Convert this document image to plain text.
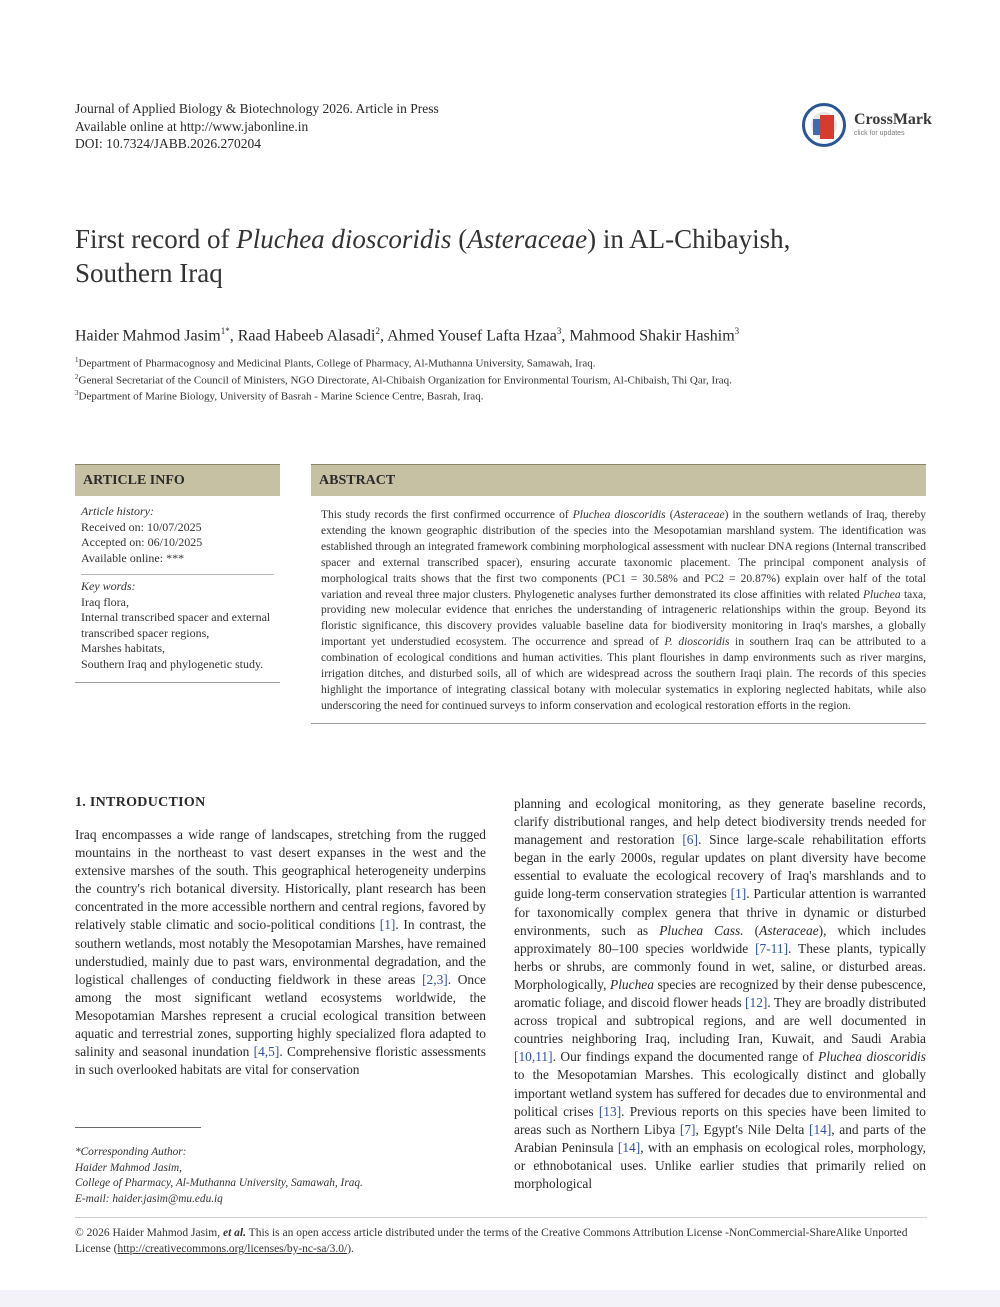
Journal of Applied Biology & Biotechnology 2026. Article in Press
Available online at http://www.jabonline.in
DOI: 10.7324/JABB.2026.270204
CrossMark
click for updates
First record of Pluchea dioscoridis (Asteraceae) in AL-Chibayish,
Southern Iraq
Haider Mahmod Jasim$^{1*}$, Raad Habeeb Alasadi$^2$, Ahmed Yousef Lafta Hzaa$^3$, Mahmood Shakir Hashim$^3$
$^1$Department of Pharmacognosy and Medicinal Plants, College of Pharmacy, Al-Muthanna University, Samawah, Iraq.
$^2$General Secretariat of the Council of Ministers, NGO Directorate, Al-Chibaish Organization for Environmental Tourism, Al-Chibaish, Thi Qar, Iraq.
$^3$Department of Marine Biology, University of Basrah - Marine Science Centre, Basrah, Iraq.
ARTICLE INFO
Article history:
Received on: 10/07/2025
Accepted on: 06/10/2025
Available online: ***
Key words:
Iraq flora,
Internal transcribed spacer and external transcribed spacer regions,
Marshes habitats,
Southern Iraq and phylogenetic study.
ABSTRACT
This study records the first confirmed occurrence of Pluchea dioscoridis (Asteraceae) in the southern wetlands of Iraq, thereby extending the known geographic distribution of the species into the Mesopotamian marshland system. The identification was established through an integrated framework combining morphological assessment with nuclear DNA regions (Internal transcribed spacer and external transcribed spacer), ensuring accurate taxonomic placement. The principal component analysis of morphological traits shows that the first two components (PC1 = 30.58% and PC2 = 20.87%) explain over half of the total variation and reveal three major clusters. Phylogenetic analyses further demonstrated its close affinities with related Pluchea taxa, providing new molecular evidence that enriches the understanding of intrageneric relationships within the group. Beyond its floristic significance, this discovery provides valuable baseline data for biodiversity monitoring in Iraq's marshes, a globally important yet understudied ecosystem. The occurrence and spread of P. dioscoridis in southern Iraq can be attributed to a combination of ecological conditions and human activities. This plant flourishes in damp environments such as river margins, irrigation ditches, and disturbed soils, all of which are widespread across the southern Iraqi plain. The records of this species highlight the importance of integrating classical botany with molecular systematics in exploring neglected habitats, while also underscoring the need for continued surveys to inform conservation and ecological restoration efforts in the region.
1. INTRODUCTION
Iraq encompasses a wide range of landscapes, stretching from the rugged mountains in the northeast to vast desert expanses in the west and the extensive marshes of the south. This geographical heterogeneity underpins the country's rich botanical diversity. Historically, plant research has been concentrated in the more accessible northern and central regions, favored by relatively stable climatic and socio-political conditions [1]. In contrast, the southern wetlands, most notably the Mesopotamian Marshes, have remained understudied, mainly due to past wars, environmental degradation, and the logistical challenges of conducting fieldwork in these areas [2,3]. Once among the most significant wetland ecosystems worldwide, the Mesopotamian Marshes represent a crucial ecological transition between aquatic and terrestrial zones, supporting highly specialized flora adapted to salinity and seasonal inundation [4,5]. Comprehensive floristic assessments in such overlooked habitats are vital for conservation
planning and ecological monitoring, as they generate baseline records, clarify distributional ranges, and help detect biodiversity trends needed for management and restoration [6]. Since large-scale rehabilitation efforts began in the early 2000s, regular updates on plant diversity have become essential to evaluate the ecological recovery of Iraq's marshlands and to guide long-term conservation strategies [1]. Particular attention is warranted for taxonomically complex genera that thrive in dynamic or disturbed environments, such as Pluchea Cass. (Asteraceae), which includes approximately 80–100 species worldwide [7-11]. These plants, typically herbs or shrubs, are commonly found in wet, saline, or disturbed areas. Morphologically, Pluchea species are recognized by their dense pubescence, aromatic foliage, and discoid flower heads [12]. They are broadly distributed across tropical and subtropical regions, and are well documented in countries neighboring Iraq, including Iran, Kuwait, and Saudi Arabia [10,11]. Our findings expand the documented range of Pluchea dioscoridis to the Mesopotamian Marshes. This ecologically distinct and globally important wetland system has suffered for decades due to environmental and political crises [13]. Previous reports on this species have been limited to areas such as Northern Libya [7], Egypt's Nile Delta [14], and parts of the Arabian Peninsula [14], with an emphasis on ecological roles, morphology, or ethnobotanical uses. Unlike earlier studies that primarily relied on morphological
*Corresponding Author:
Haider Mahmod Jasim,
College of Pharmacy, Al-Muthanna University, Samawah, Iraq.
E-mail: haider.jasim@mu.edu.iq
© 2026 Haider Mahmod Jasim, et al. This is an open access article distributed under the terms of the Creative Commons Attribution License -NonCommercial-ShareAlike Unported License (http://creativecommons.org/licenses/by-nc-sa/3.0/).
